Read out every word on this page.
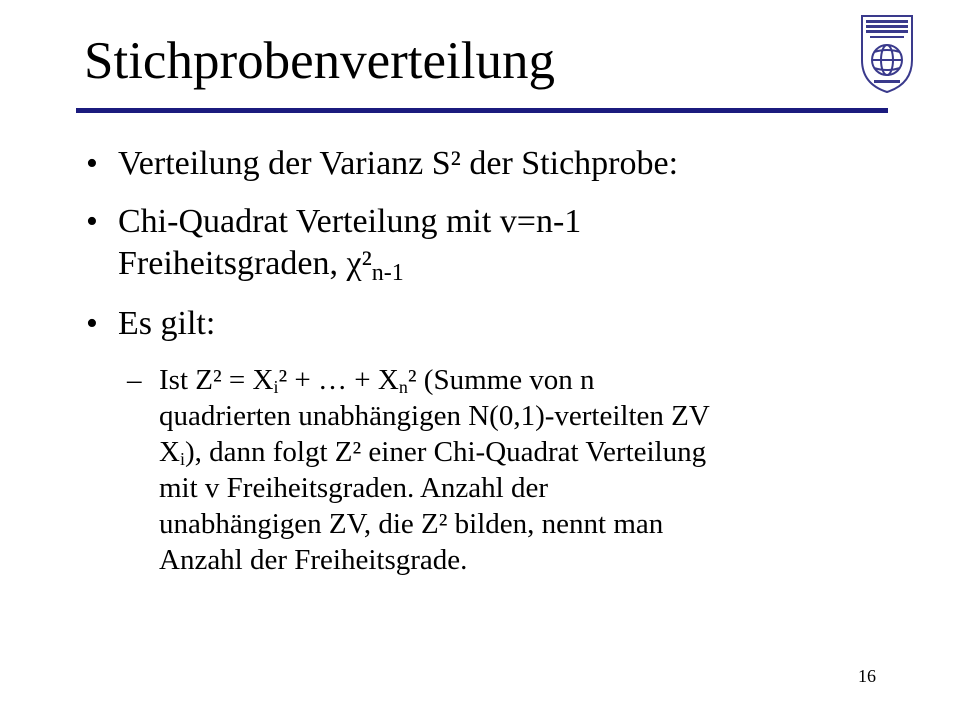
Stichprobenverteilung
• Verteilung der Varianz S² der Stichprobe:
• Chi-Quadrat Verteilung mit v=n-1
Freiheitsgraden, $\chi^2_{n-1}$
• Es gilt:
– Ist Z² = Xi² + … + Xn² (Summe von n
quadrierten unabhängigen N(0,1)-verteilten ZV
Xi), dann folgt Z² einer Chi-Quadrat Verteilung
mit v Freiheitsgraden. Anzahl der
unabhängigen ZV, die Z² bilden, nennt man
Anzahl der Freiheitsgrade.
16
